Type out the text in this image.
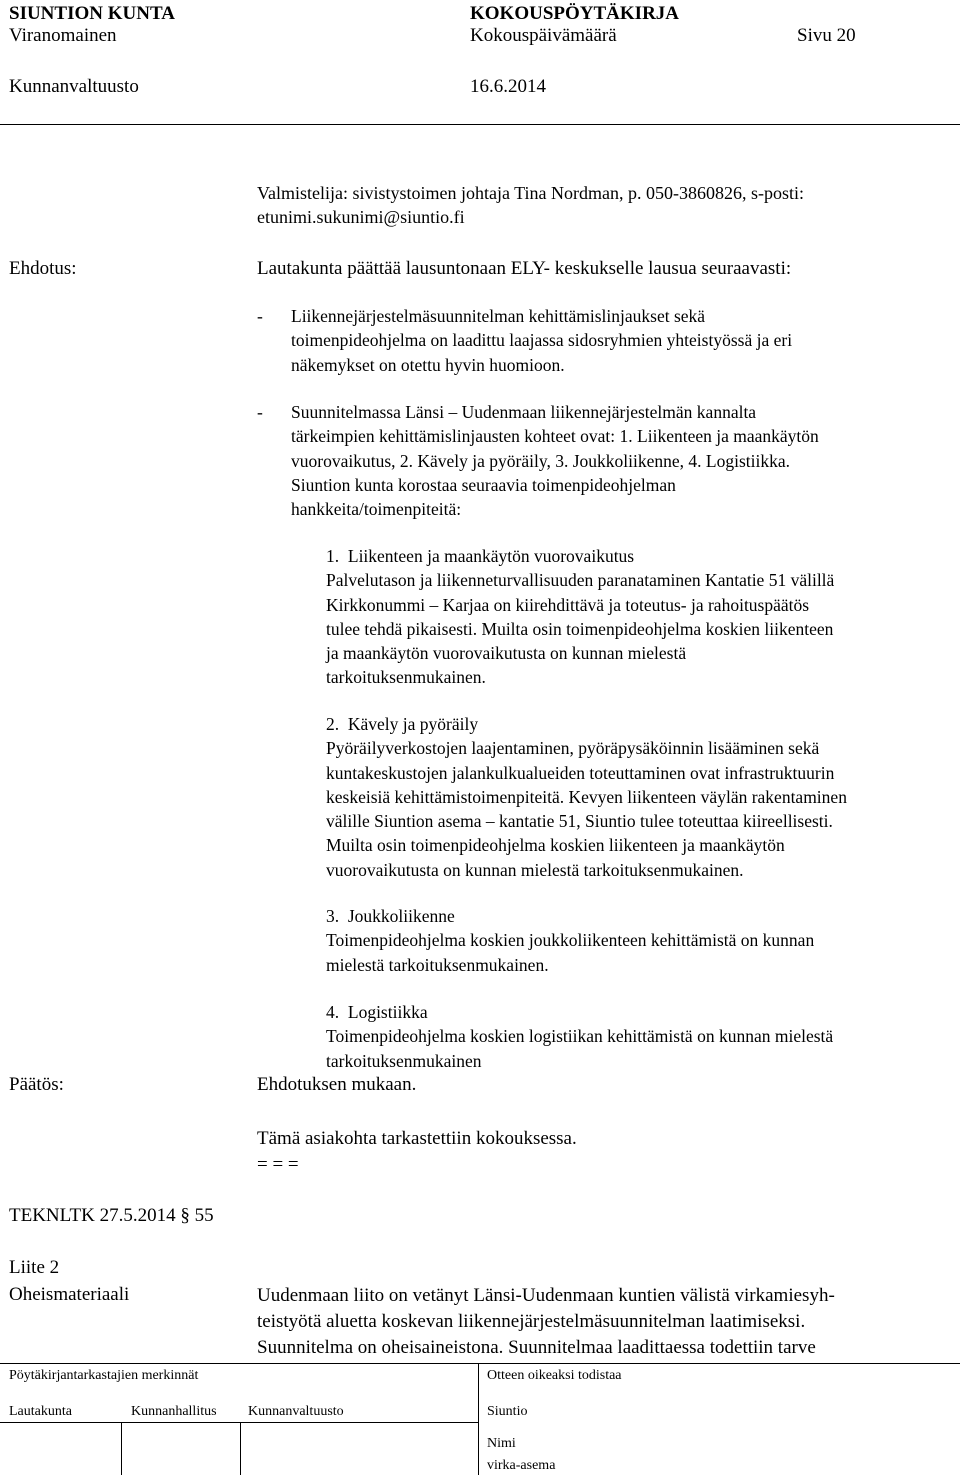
SIUNTION KUNTA	KOKOUSPÖYTÄKIRJA
Viranomainen	Kokouspäivämäärä	Sivu 20
Kunnanvaltuusto	16.6.2014
Valmistelija: sivistystoimen johtaja Tina Nordman, p. 050-3860826, s-posti:
etunimi.sukunimi@siuntio.fi
Ehdotus:	Lautakunta päättää lausuntonaan ELY- keskukselle lausua seuraavasti:
- Liikennejärjestelmäsuunnitelman kehittämislinjaukset sekä
toimenpideohjelma on laadittu laajassa sidosryhmien yhteistyössä ja eri
näkemykset on otettu hyvin huomioon.
- Suunnitelmassa Länsi – Uudenmaan liikennejärjestelmän kannalta
tärkeimpien kehittämislinjausten kohteet ovat: 1. Liikenteen ja maankäytön
vuorovaikutus, 2. Kävely ja pyöräily, 3. Joukkoliikenne, 4. Logistiikka.
Siuntion kunta korostaa seuraavia toimenpideohjelman
hankkeita/toimenpiteitä:
1. Liikenteen ja maankäytön vuorovaikutus
Palvelutason ja liikenneturvallisuuden paranataminen Kantatie 51 välillä
Kirkkonummi – Karjaa on kiirehdittävä ja toteutus- ja rahoituspäätös
tulee tehdä pikaisesti. Muilta osin toimenpideohjelma koskien liikenteen
ja maankäytön vuorovaikutusta on kunnan mielestä
tarkoituksenmukainen.
2. Kävely ja pyöräily
Pyöräilyverkostojen laajentaminen, pyöräpysäköinnin lisääminen sekä
kuntakeskustojen jalankulkualueiden toteuttaminen ovat infrastruktuurin
keskeisiä kehittämistoimenpiteitä. Kevyen liikenteen väylän rakentaminen
välille Siuntion asema – kantatie 51, Siuntio tulee toteuttaa kiireellisesti.
Muilta osin toimenpideohjelma koskien liikenteen ja maankäytön
vuorovaikutusta on kunnan mielestä tarkoituksenmukainen.
3. Joukkoliikenne
Toimenpideohjelma koskien joukkoliikenteen kehittämistä on kunnan
mielestä tarkoituksenmukainen.
4. Logistiikka
Toimenpideohjelma koskien logistiikan kehittämistä on kunnan mielestä
tarkoituksenmukainen
Päätös:	Ehdotuksen mukaan.
Tämä asiakohta tarkastettiin kokouksessa.
= = =
TEKNLTK 27.5.2014 § 55
Liite 2
Oheismateriaali	Uudenmaan liito on vetänyt Länsi-Uudenmaan kuntien välistä virkamiesyh-
teistyötä aluetta koskevan liikennejärjestelmäsuunnitelman laatimiseksi.
Suunnitelma on oheisaineistona. Suunnitelmaa laadittaessa todettiin tarve
Pöytäkirjantarkastajien merkinnät	Otteen oikeaksi todistaa
Lautakunta	Kunnanhallitus Kunnanvaltuusto	Siuntio
Nimi
virka-asema
